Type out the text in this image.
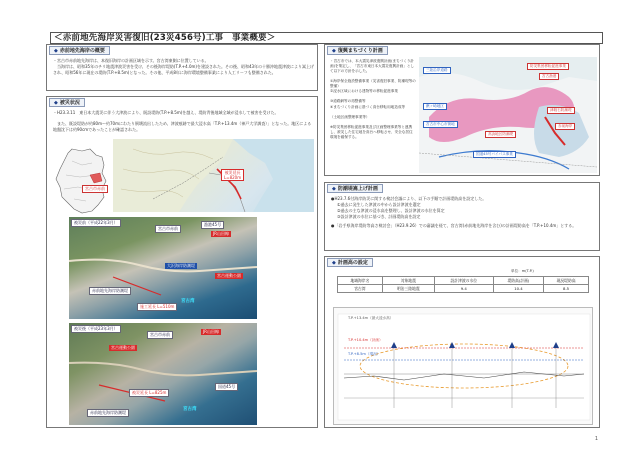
＜赤前地先海岸災害復旧(23災456号)工事　事業概要＞
◆ 赤前地先海岸の概要
・宮古市赤前地先海岸は、本復旧海岸の計画区域を示す。宮古湾東側に位置している。
　当海岸は、昭和35年のチリ地震津波災害を受け、その後海岸堤防(T.P.+4.0m)を建設された。その後、昭和43年の十勝沖地震津波により嵩上げされ、昭和56年に現在の堤防(T.P.+8.5m)となった。その他、平成8年に海岸環境整備事業により人工リーフも整備された。
◆ 被災状況
・H23.3.11　東日本大震災に伴う大津波により、既設堤防(T.P.+8.5m)を越え、堤防背後地域全域が浸水して被害を受けた。
　また、既設堤防が約80m～約70mにわたり倒壊流出したため、津波痕跡で最大浸水高「T.P.+13.4m（神戸大学調査）」となった。地区による地盤沈下は約90cmであったことが確認された。
宮古市赤前
被災延長
L=820m
被災前（平成22年3月）
宮古市赤前
JR山田線
大沢海岸防潮堤
漁港45号
宮古運動公園
宮古湾
赤前地先海岸防潮堤
施工延長 L=510m
被災後（平成23年3月）
宮古市赤前
JR山田線
国道45号
被災延長 L=825m
宮古湾
赤前地先海岸防潮堤
宮古運動公園
◆ 復興まちづくり計画
・宮古市では、本大震災津波復興計画(まちづくり計画)を策定し、「宮古市東日本大震災復興計画」として以下の方針を示した。
①海岸保全施設整備事業（災害復旧事業、防潮堤等の整備）
②浸水区域における建物等の移転促進事業
③道路網等の再整備等
④まちづくり計画に基づく高台移転用地造成等
（土地区画整理事業等）
※防災集団移転促進事業及び区画整理事業等と連携し、被災した住宅地を高台へ移転させ、安全な居住環境を確保する。
三陸沿岸道路
防災集団移転促進事業
宮古漁港
津軽石防潮堤
赤前海岸
鍬ヶ崎地区
高浜地区防潮堤
国道45号バイパス事業
宮古市中心市街地
◆ 防潮堤嵩上げ計画
●H23.7.6付海岸防災に関する検討会議により、以下の手順で計画堤防高を設定した。
①過去に発生した津波の中から設計津波を選定
②過去の主な津波の浸水高を整理し、設計津波の水位を算定
③設計津波の水位に基づき、計画堤防高を設定
●「岩手県海岸堤防等高さ検討会」（H23.9.26）での審議を経て、宮古湾(赤前地先海岸を含む)の計画堤防高を「T.P.+10.4m」とする。
◆ 計画高の設定
単位：m(T.P.)
地域海岸名	対象地震	設計津波の水位	堤防高(計画)	現況堤防高
宮古湾	明治三陸地震	9.4	10.4	8.5
T.P.+10.4m（計画）
T.P.+8.5m（現況）
T.P.+13.4m（最大浸水高）
1
